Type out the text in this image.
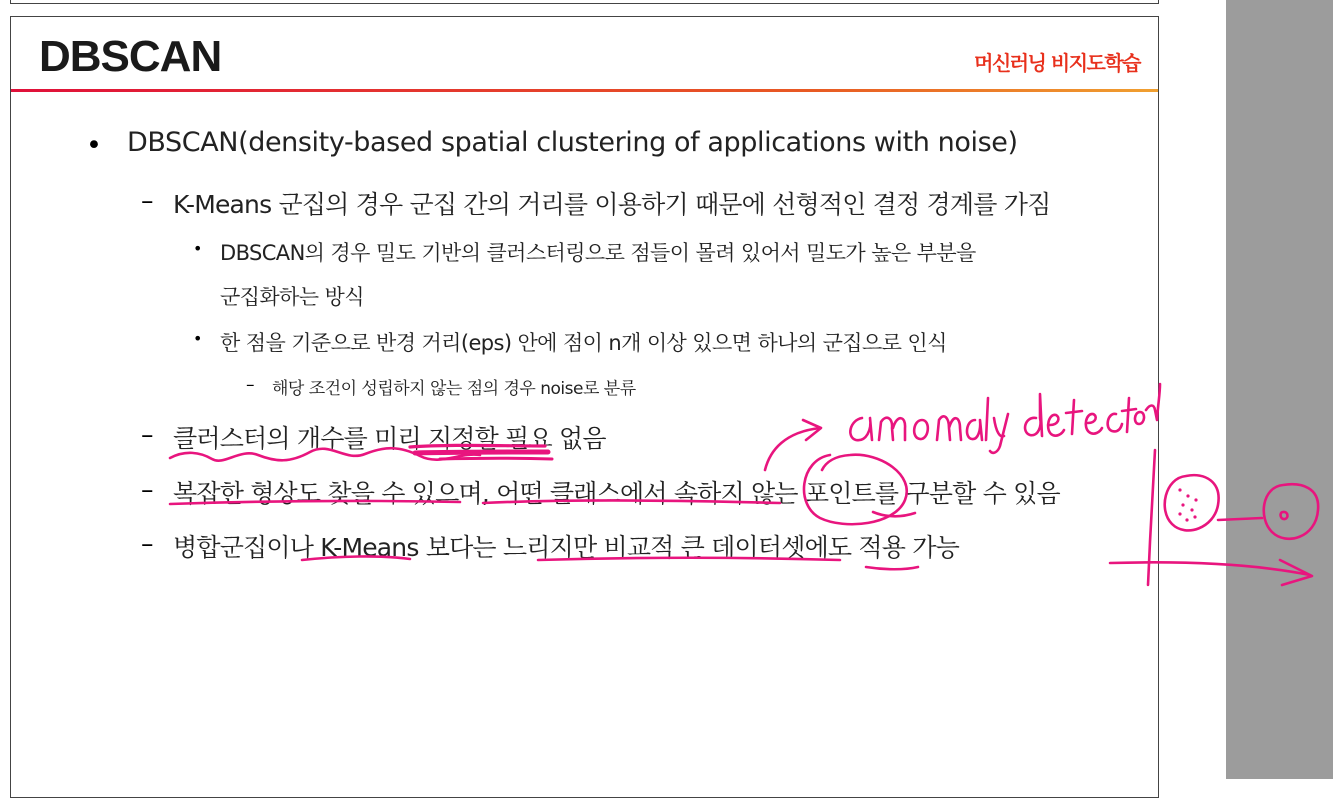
DBSCAN	머신러닝 비지도학습
• DBSCAN(density-based spatial clustering of applications with noise)
– K-Means 군집의 경우 군집 간의 거리를 이용하기 때문에 선형적인 결정 경계를 가짐
• DBSCAN의 경우 밀도 기반의 클러스터링으로 점들이 몰려 있어서 밀도가 높은 부분을
군집화하는 방식
• 한 점을 기준으로 반경 거리(eps) 안에 점이 n개 이상 있으면 하나의 군집으로 인식
– 해당 조건이 성립하지 않는 점의 경우 noise로 분류
– 클러스터의 개수를 미리 지정할 필요 없음
– 복잡한 형상도 찾을 수 있으며, 어떤 클래스에서 속하지 않는 포인트를 구분할 수 있음
– 병합군집이나 K-Means 보다는 느리지만 비교적 큰 데이터셋에도 적용 가능
